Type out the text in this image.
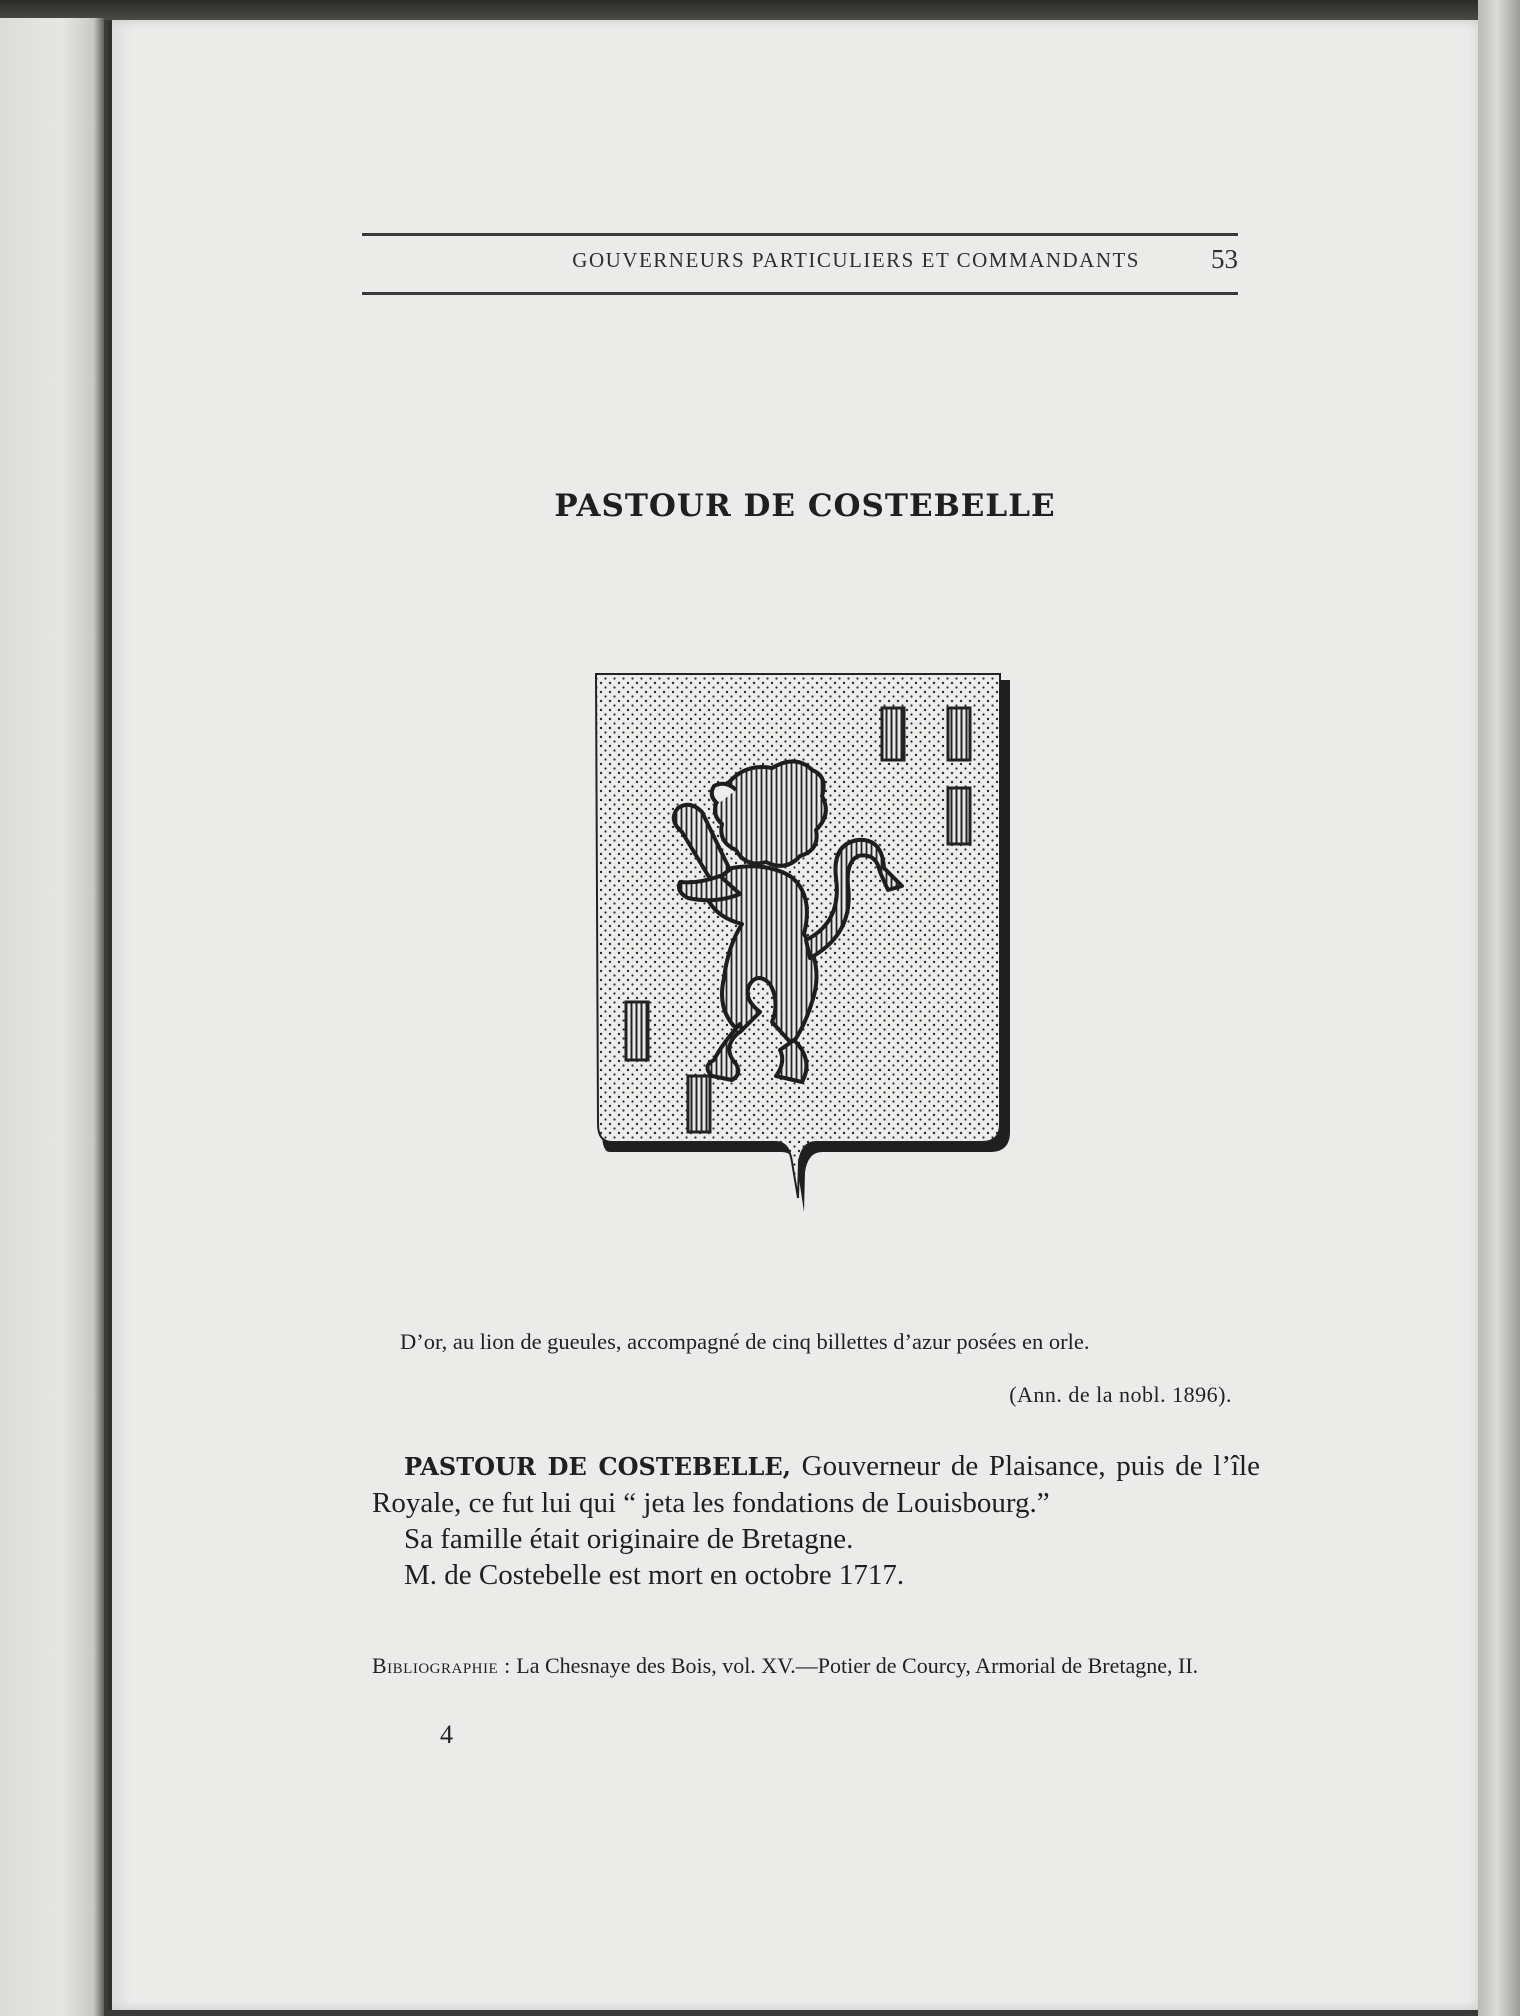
GOUVERNEURS PARTICULIERS ET COMMANDANTS	53
PASTOUR DE COSTEBELLE
D’or, au lion de gueules, accompagné de cinq billettes d’azur posées en orle.
(Ann. de la nobl. 1896).

PASTOUR DE COSTEBELLE, Gouverneur de Plaisance, puis de l’île Royale, ce fut lui qui “ jeta les fondations de Louisbourg.”

Sa famille était originaire de Bretagne.

M. de Costebelle est mort en octobre 1717.

Bibliographie : La Chesnaye des Bois, vol. XV.—Potier de Courcy, Armorial de Bretagne, II.
4
